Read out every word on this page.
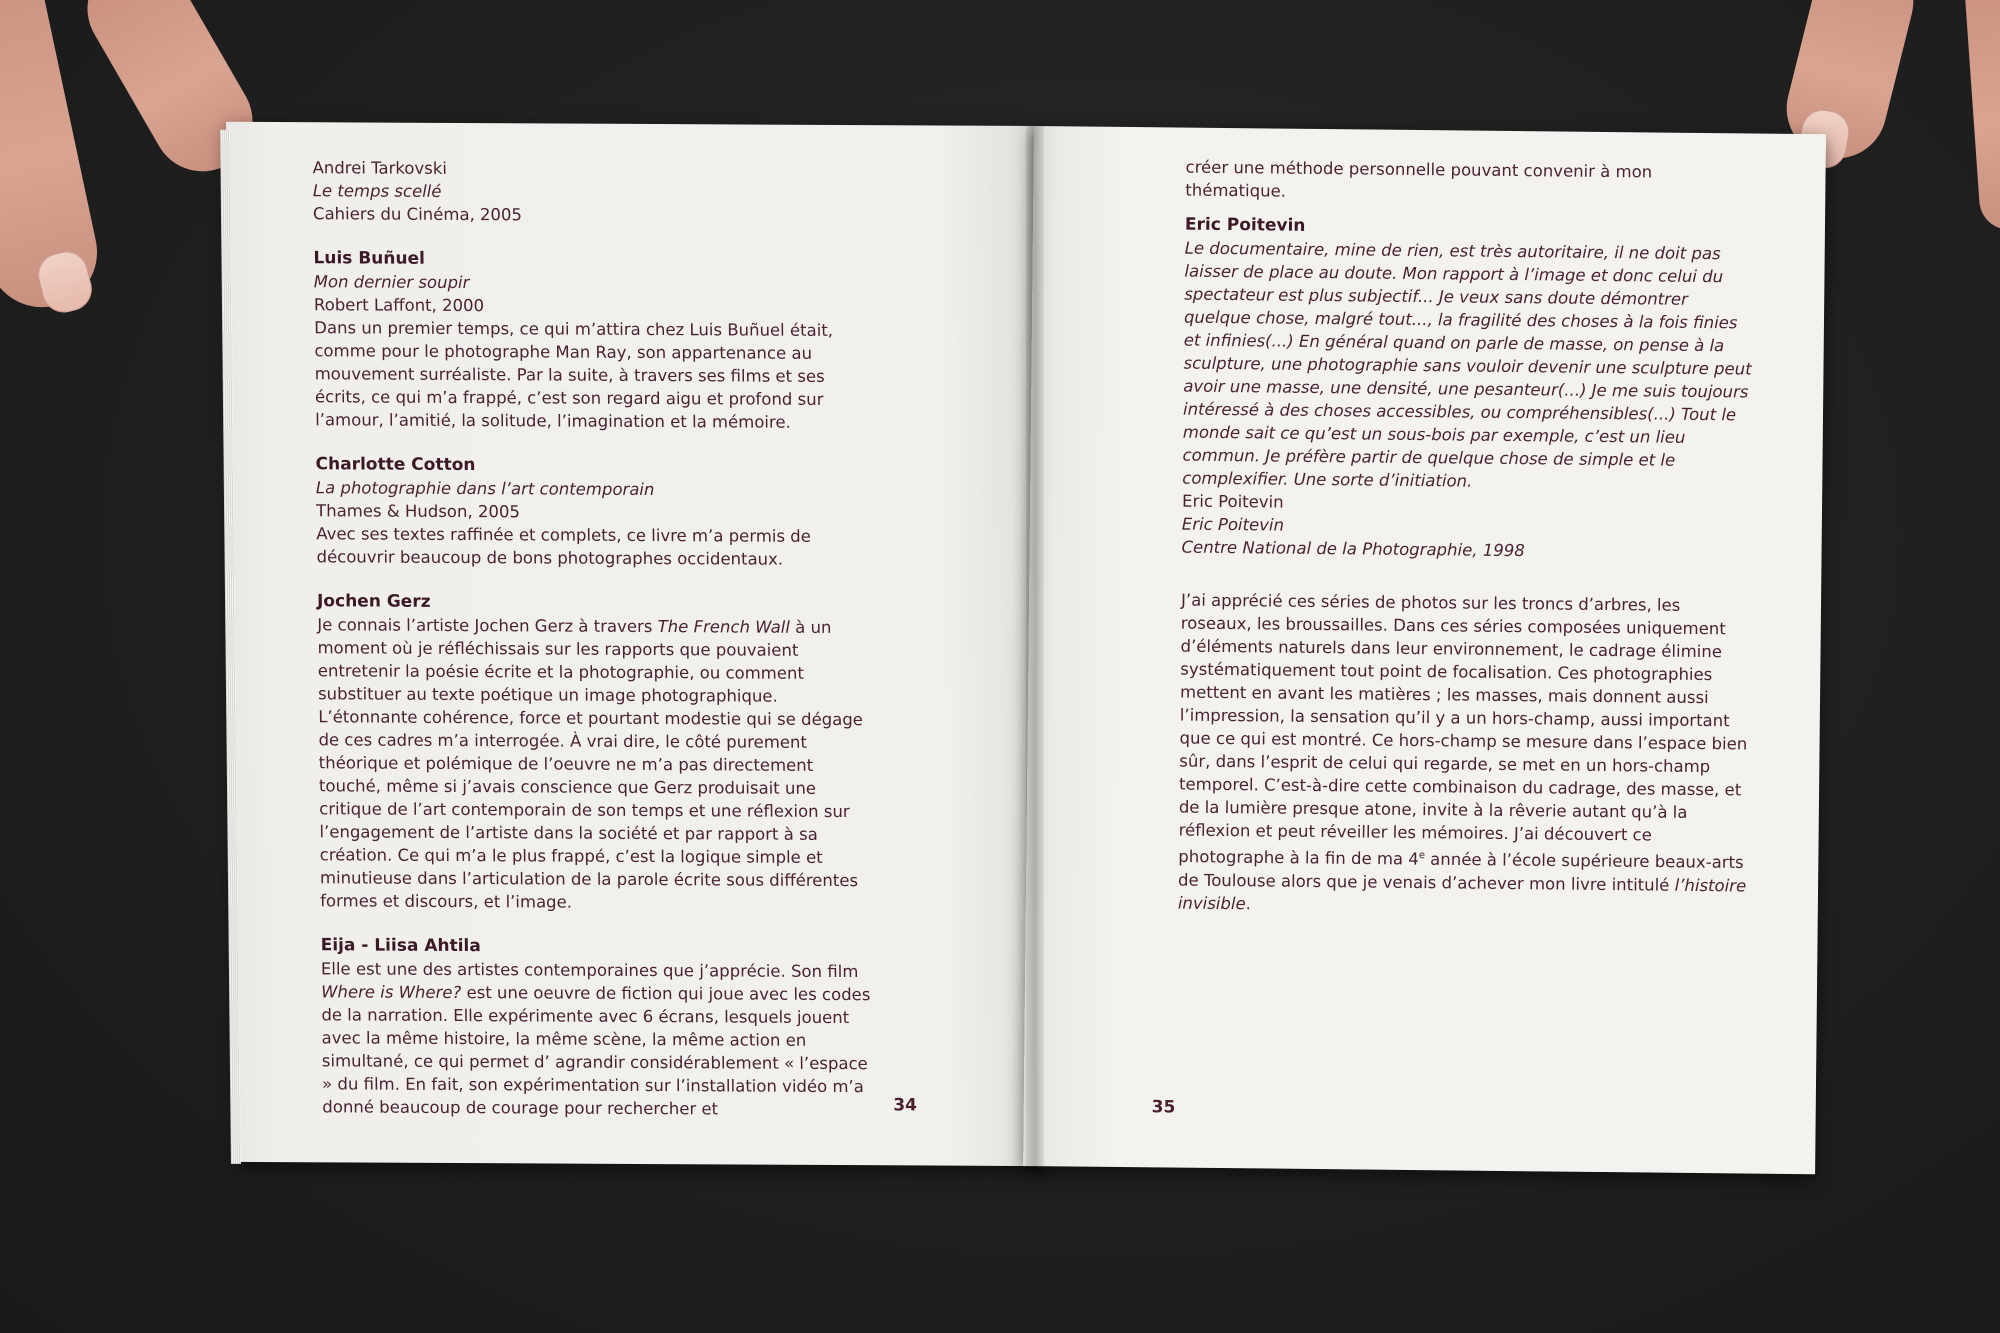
Andrei Tarkovski
Le temps scellé
Cahiers du Cinéma, 2005
Luis Buñuel
Mon dernier soupir
Robert Laffont, 2000
Dans un premier temps, ce qui m’attira chez Luis Buñuel était, comme pour le photographe Man Ray, son appartenance au mouvement surréaliste. Par la suite, à travers ses films et ses écrits, ce qui m’a frappé, c’est son regard aigu et profond sur l’amour, l’amitié, la solitude, l’imagination et la mémoire.
Charlotte Cotton
La photographie dans l’art contemporain
Thames & Hudson, 2005
Avec ses textes raffinée et complets, ce livre m’a permis de découvrir beaucoup de bons photographes occidentaux.
Jochen Gerz
Je connais l’artiste Jochen Gerz à travers The French Wall à un moment où je réfléchissais sur les rapports que pouvaient entretenir la poésie écrite et la photographie, ou comment substituer au texte poétique un image photographique. L’étonnante cohérence, force et pourtant modestie qui se dégage de ces cadres m’a interrogée. À vrai dire, le côté purement théorique et polémique de l’oeuvre ne m’a pas directement touché, même si j’avais conscience que Gerz produisait une critique de l’art contemporain de son temps et une réflexion sur l’engagement de l’artiste dans la société et par rapport à sa création. Ce qui m’a le plus frappé, c’est la logique simple et minutieuse dans l’articulation de la parole écrite sous différentes formes et discours, et l’image.
Eija - Liisa Ahtila
Elle est une des artistes contemporaines que j’apprécie. Son film Where is Where? est une oeuvre de fiction qui joue avec les codes de la narration. Elle expérimente avec 6 écrans, lesquels jouent avec la même histoire, la même scène, la même action en simultané, ce qui permet d’ agrandir considérablement « l’espace » du film. En fait, son expérimentation sur l’installation vidéo m’a donné beaucoup de courage pour rechercher et	34
créer une méthode personnelle pouvant convenir à mon thématique.
Eric Poitevin
Le documentaire, mine de rien, est très autoritaire, il ne doit pas laisser de place au doute. Mon rapport à l’image et donc celui du spectateur est plus subjectif... Je veux sans doute démontrer quelque chose, malgré tout..., la fragilité des choses à la fois finies et infinies(...) En général quand on parle de masse, on pense à la sculpture, une photographie sans vouloir devenir une sculpture peut avoir une masse, une densité, une pesanteur(...) Je me suis toujours intéressé à des choses accessibles, ou compréhensibles(...) Tout le monde sait ce qu’est un sous-bois par exemple, c’est un lieu commun. Je préfère partir de quelque chose de simple et le complexifier. Une sorte d’initiation.
Eric Poitevin
Eric Poitevin
Centre National de la Photographie, 1998
J’ai apprécié ces séries de photos sur les troncs d’arbres, les roseaux, les broussailles. Dans ces séries composées uniquement d’éléments naturels dans leur environnement, le cadrage élimine systématiquement tout point de focalisation. Ces photographies mettent en avant les matières ; les masses, mais donnent aussi l’impression, la sensation qu’il y a un hors-champ, aussi important que ce qui est montré. Ce hors-champ se mesure dans l’espace bien sûr, dans l’esprit de celui qui regarde, se met en un hors-champ temporel. C’est-à-dire cette combinaison du cadrage, des masse, et de la lumière presque atone, invite à la rêverie autant qu’à la réflexion et peut réveiller les mémoires. J’ai découvert ce photographe à la fin de ma 4e année à l’école supérieure beaux-arts de Toulouse alors que je venais d’achever mon livre intitulé l’histoire invisible.
35
